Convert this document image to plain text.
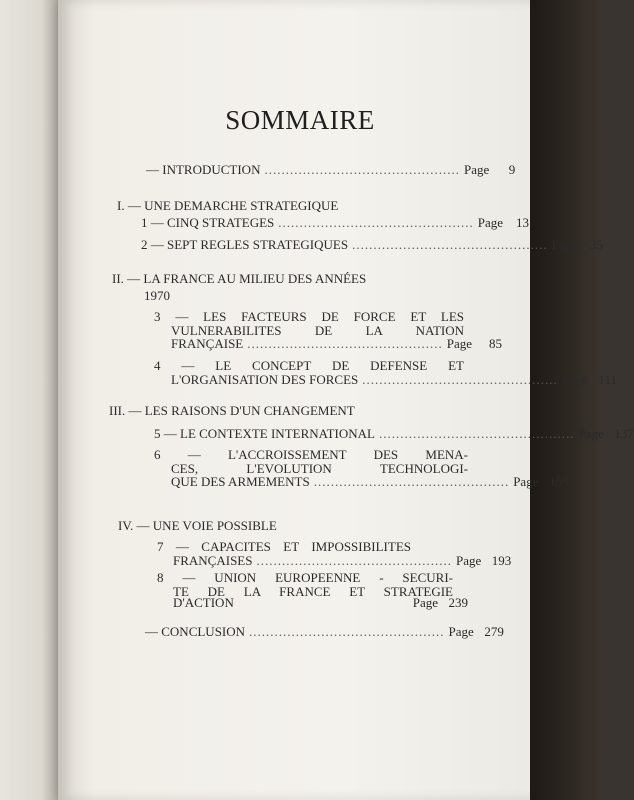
SOMMAIRE
— INTRODUCTION .............................................. Page 9
I. — UNE DEMARCHE STRATEGIQUE
1 — CINQ STRATEGES .............................................. Page 13
2 — SEPT REGLES STRATEGIQUES .............................................. Page 35
II. — LA FRANCE AU MILIEU DES ANNÉES
1970
3 — LES FACTEURS DE FORCE ET LES
VULNERABILITES DE LA NATION
FRANÇAISE .............................................. Page 85
4 — LE CONCEPT DE DEFENSE ET
L'ORGANISATION DES FORCES .............................................. Page 111
III. — LES RAISONS D'UN CHANGEMENT
5 — LE CONTEXTE INTERNATIONAL .............................................. Page 137
6 — L'ACCROISSEMENT DES MENA-
CES, L'EVOLUTION TECHNOLOGI-
QUE DES ARMEMENTS .............................................. Page 159
IV. — UNE VOIE POSSIBLE
7 — CAPACITES ET IMPOSSIBILITES
FRANÇAISES .............................................. Page 193
8 — UNION EUROPEENNE - SECURI-
TE DE LA FRANCE ET STRATEGIE
D'ACTION	Page 239
— CONCLUSION .............................................. Page 279
